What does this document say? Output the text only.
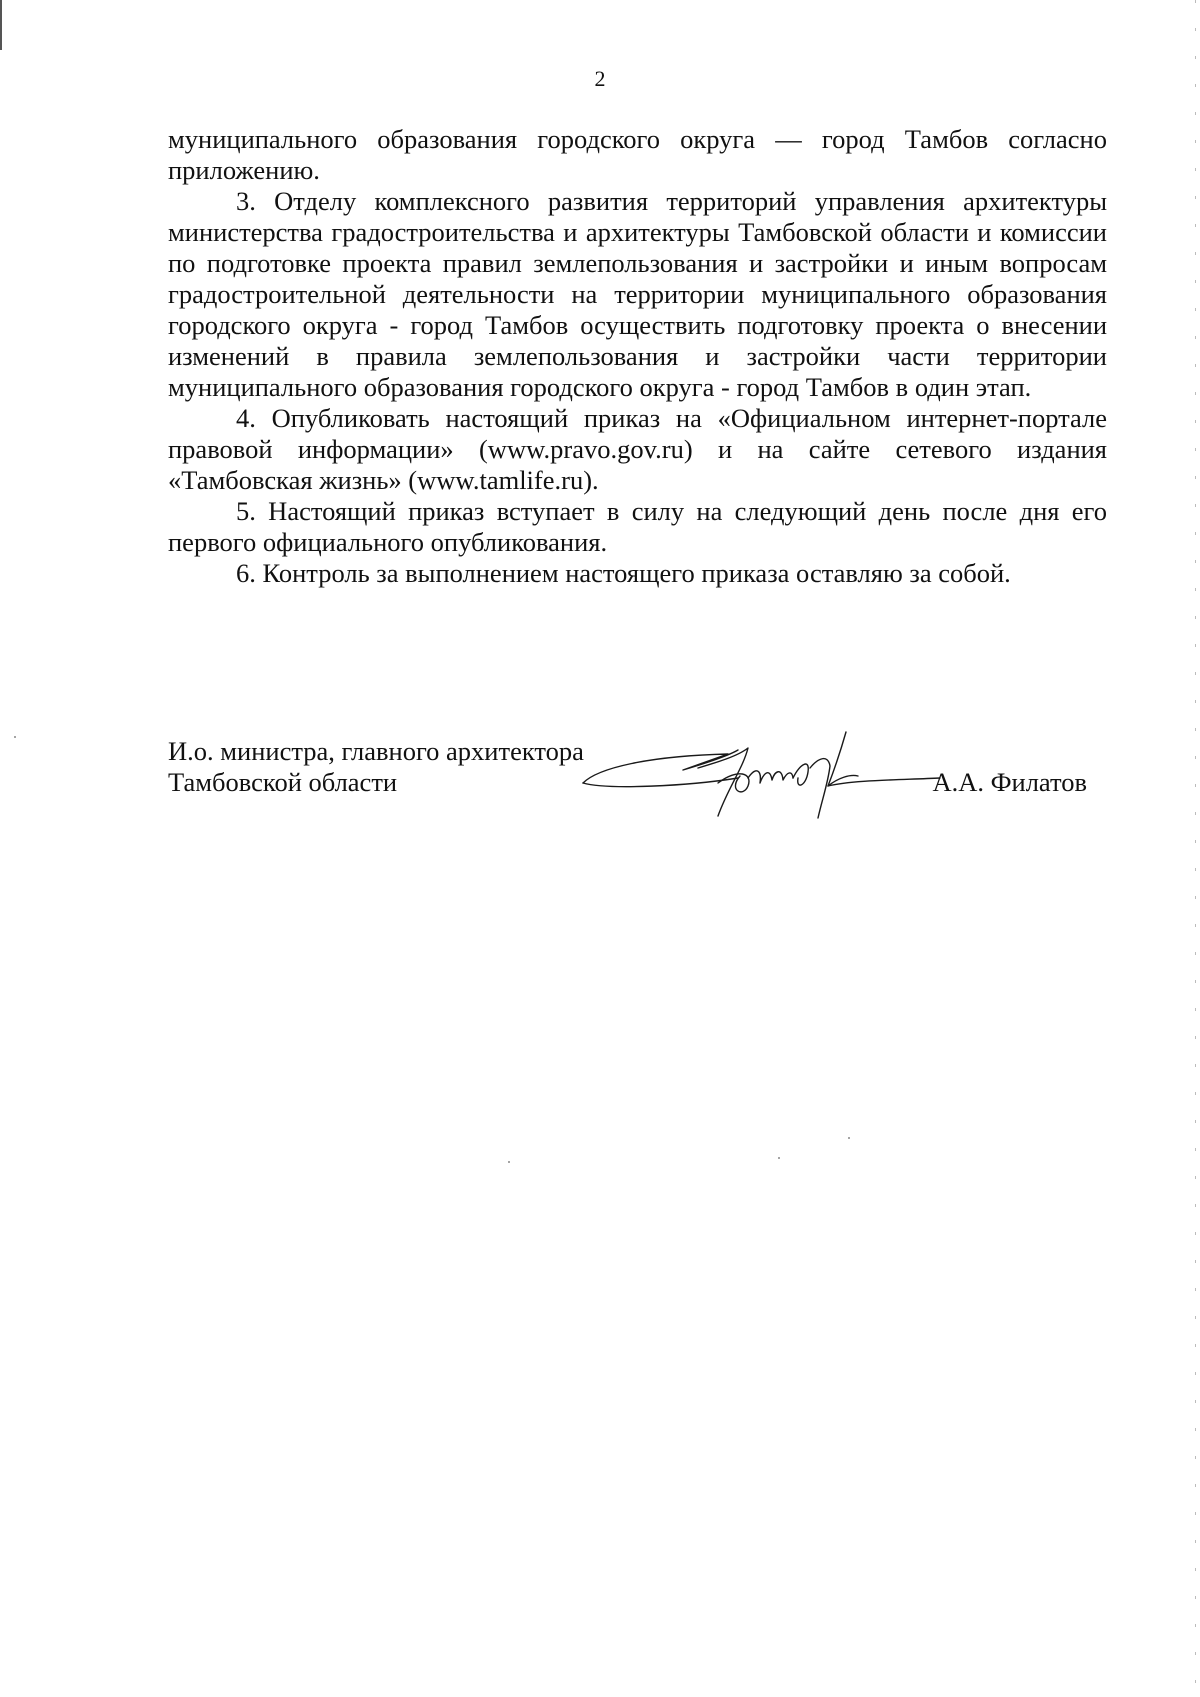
2

муниципального образования городского округа — город Тамбов согласно приложению.

3. Отделу комплексного развития территорий управления архитектуры министерства градостроительства и архитектуры Тамбовской области и комиссии по подготовке проекта правил землепользования и застройки и иным вопросам градостроительной деятельности на территории муниципального образования городского округа - город Тамбов осуществить подготовку проекта о внесении изменений в правила землепользования и застройки части территории муниципального образования городского округа - город Тамбов в один этап.

4. Опубликовать настоящий приказ на «Официальном интернет-портале правовой информации» (www.pravo.gov.ru) и на сайте сетевого издания «Тамбовская жизнь» (www.tamlife.ru).

5. Настоящий приказ вступает в силу на следующий день после дня его первого официального опубликования.

6. Контроль за выполнением настоящего приказа оставляю за собой.

И.о. министра, главного архитектора
Тамбовской области	А.А. Филатов
